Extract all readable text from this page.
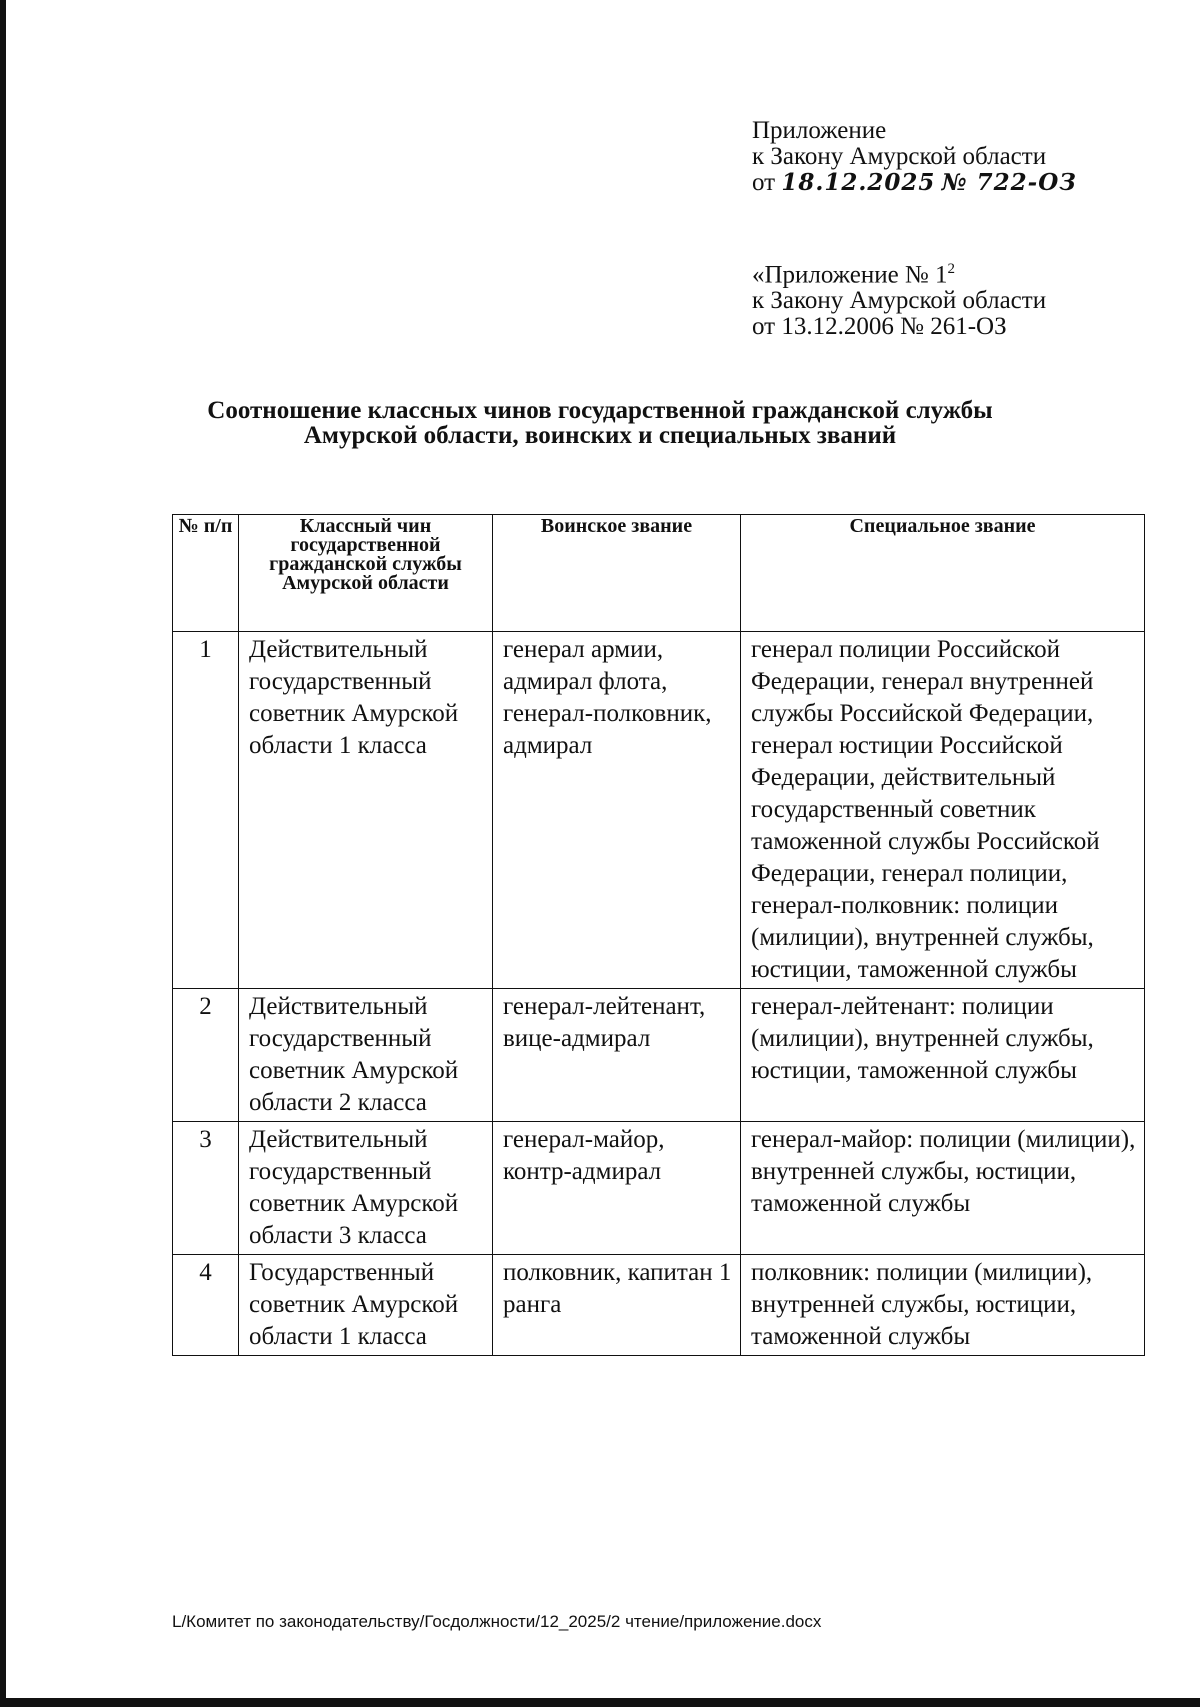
Приложение
к Закону Амурской области
от 18.12.2025 № 722-ОЗ
«Приложение № $1^2$
к Закону Амурской области
от 13.12.2006 № 261-ОЗ
Соотношение классных чинов государственной гражданской службы
Амурской области, воинских и специальных званий
№ п/п	Классный чин государственной гражданской службы Амурской области	Воинское звание	Специальное звание
1	Действительный государственный советник Амурской области 1 класса	генерал армии, адмирал флота, генерал-полковник, адмирал	генерал полиции Российской Федерации, генерал внутренней службы Российской Федерации, генерал юстиции Российской Федерации, действительный государственный советник таможенной службы Российской Федерации, генерал полиции, генерал-полковник: полиции (милиции), внутренней службы, юстиции, таможенной службы
2	Действительный государственный советник Амурской области 2 класса	генерал-лейтенант, вице-адмирал	генерал-лейтенант: полиции (милиции), внутренней службы, юстиции, таможенной службы
3	Действительный государственный советник Амурской области 3 класса	генерал-майор, контр-адмирал	генерал-майор: полиции (милиции), внутренней службы, юстиции, таможенной службы
4	Государственный советник Амурской области 1 класса	полковник, капитан 1 ранга	полковник: полиции (милиции), внутренней службы, юстиции, таможенной службы
L/Комитет по законодательству/Госдолжности/12_2025/2 чтение/приложение.docx
